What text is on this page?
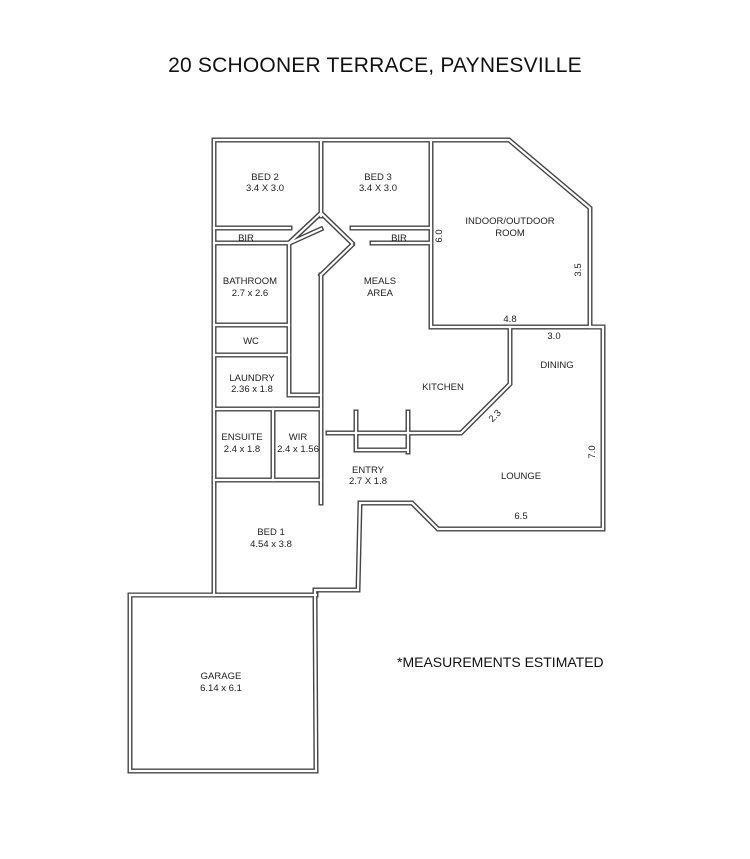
20 SCHOONER TERRACE, PAYNESVILLE
BED 2
3.4 X 3.0
BED 3
3.4 X 3.0
INDOOR/OUTDOOR
ROOM
BIR	BIR
BATHROOM
2.7 x 2.6
WC
LAUNDRY
2.36 x 1.8
MEALS
AREA
KITCHEN
DINING
ENSUITE
2.4 x 1.8
WIR
2.4 x 1.56
ENTRY
2.7 X 1.8	LOUNGE
BED 1
4.54 x 3.8
GARAGE
6.14 x 6.1
6.0
3.5
4.8
3.0
2.3
7.0
6.5
*MEASUREMENTS ESTIMATED
